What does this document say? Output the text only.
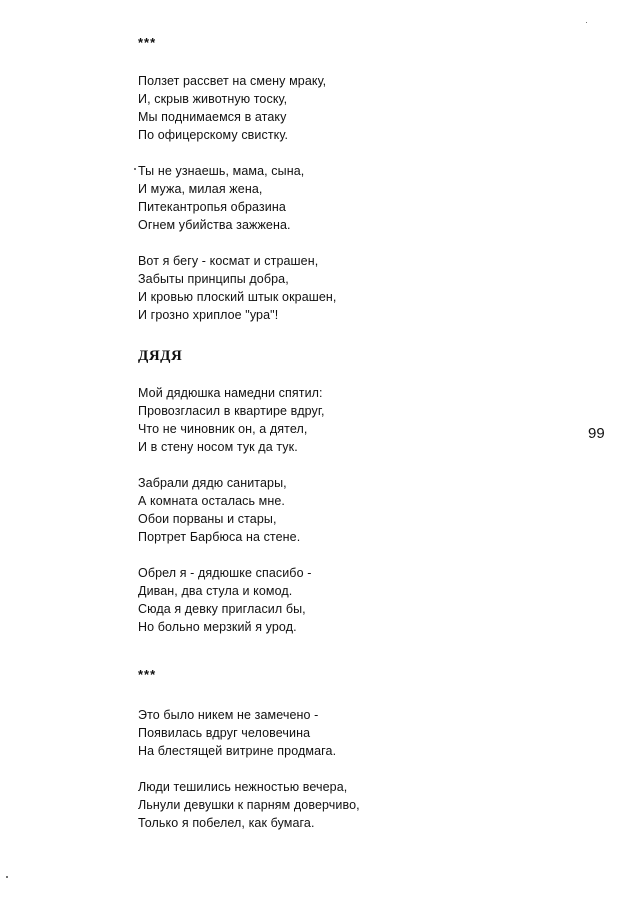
***
Ползет рассвет на смену мраку,
И, скрыв животную тоску,
Мы поднимаемся в атаку
По офицерскому свистку.
Ты не узнаешь, мама, сына,
И мужа, милая жена,
Питекантропья образина
Огнем убийства зажжена.
Вот я бегу - космат и страшен,
Забыты принципы добра,
И кровью плоский штык окрашен,
И грозно хриплое "ура"!
ДЯДЯ
Мой дядюшка намедни спятил:
Провозгласил в квартире вдруг,
Что не чиновник он, а дятел,
И в стену носом тук да тук.
Забрали дядю санитары,
А комната осталась мне.
Обои порваны и стары,
Портрет Барбюса на стене.
Обрел я - дядюшке спасибо -
Диван, два стула и комод.
Сюда я девку пригласил бы,
Но больно мерзкий я урод.
***
Это было никем не замечено -
Появилась вдруг человечина
На блестящей витрине продмага.
Люди тешились нежностью вечера,
Льнули девушки к парням доверчиво,
Только я побелел, как бумага.
99
